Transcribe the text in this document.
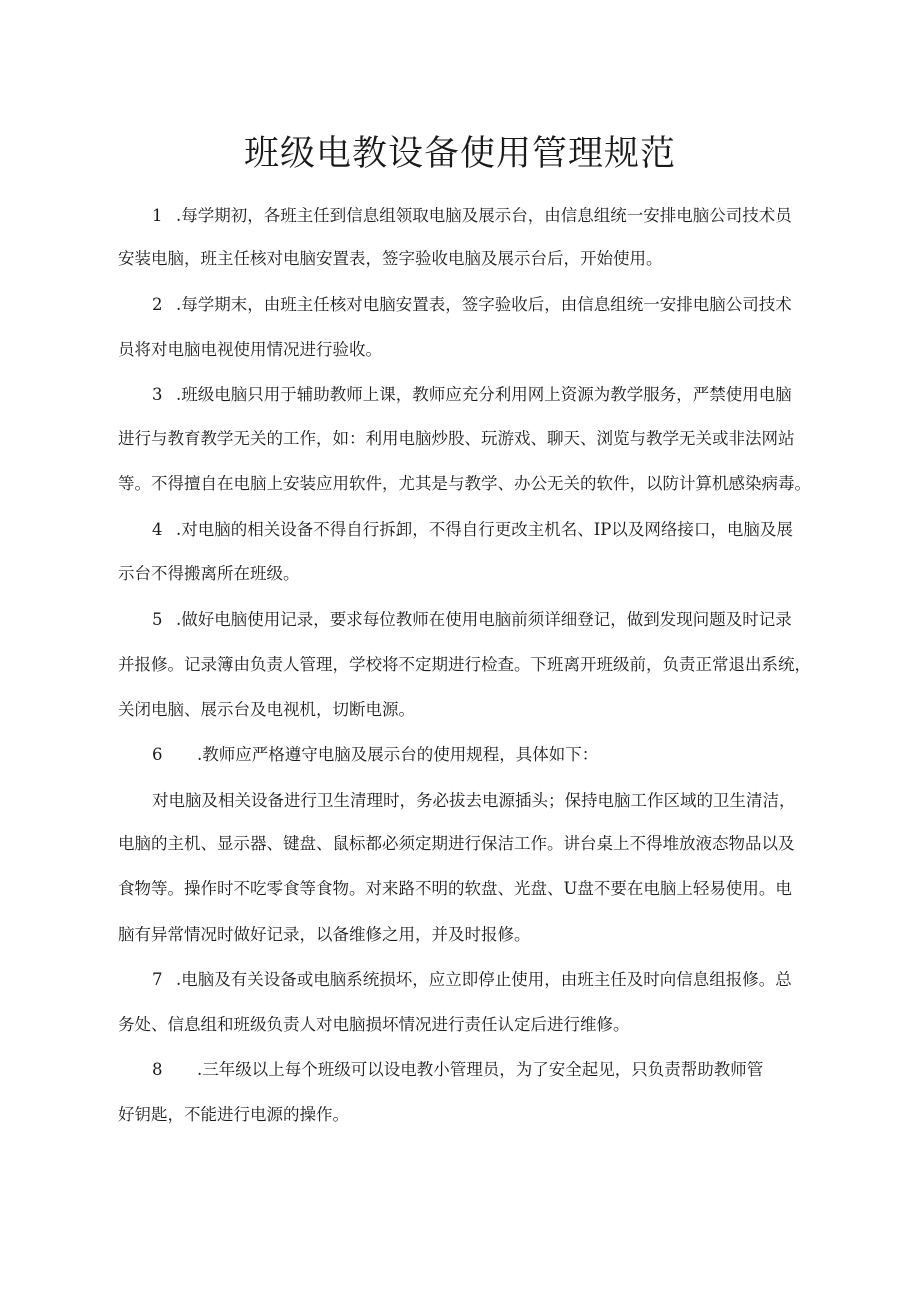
班级电教设备使用管理规范
1 .每学期初，各班主任到信息组领取电脑及展示台，由信息组统一安排电脑公司技术员
安装电脑，班主任核对电脑安置表，签字验收电脑及展示台后，开始使用。
2 .每学期末，由班主任核对电脑安置表，签字验收后，由信息组统一安排电脑公司技术
员将对电脑电视使用情况进行验收。
3 .班级电脑只用于辅助教师上课，教师应充分利用网上资源为教学服务，严禁使用电脑
进行与教育教学无关的工作，如：利用电脑炒股、玩游戏、聊天、浏览与教学无关或非法网站
等。不得擅自在电脑上安装应用软件，尤其是与教学、办公无关的软件，以防计算机感染病毒。
4 .对电脑的相关设备不得自行拆卸，不得自行更改主机名、IP以及网络接口，电脑及展
示台不得搬离所在班级。
5 .做好电脑使用记录，要求每位教师在使用电脑前须详细登记，做到发现问题及时记录
并报修。记录簿由负责人管理，学校将不定期进行检查。下班离开班级前，负责正常退出系统，
关闭电脑、展示台及电视机，切断电源。
6 .教师应严格遵守电脑及展示台的使用规程，具体如下：
对电脑及相关设备进行卫生清理时，务必拔去电源插头；保持电脑工作区域的卫生清洁，
电脑的主机、显示器、键盘、鼠标都必须定期进行保洁工作。讲台桌上不得堆放液态物品以及
食物等。操作时不吃零食等食物。对来路不明的软盘、光盘、U盘不要在电脑上轻易使用。电
脑有异常情况时做好记录，以备维修之用，并及时报修。
7 .电脑及有关设备或电脑系统损坏，应立即停止使用，由班主任及时向信息组报修。总
务处、信息组和班级负责人对电脑损坏情况进行责任认定后进行维修。
8 .三年级以上每个班级可以设电教小管理员，为了安全起见，只负责帮助教师管
好钥匙，不能进行电源的操作。
